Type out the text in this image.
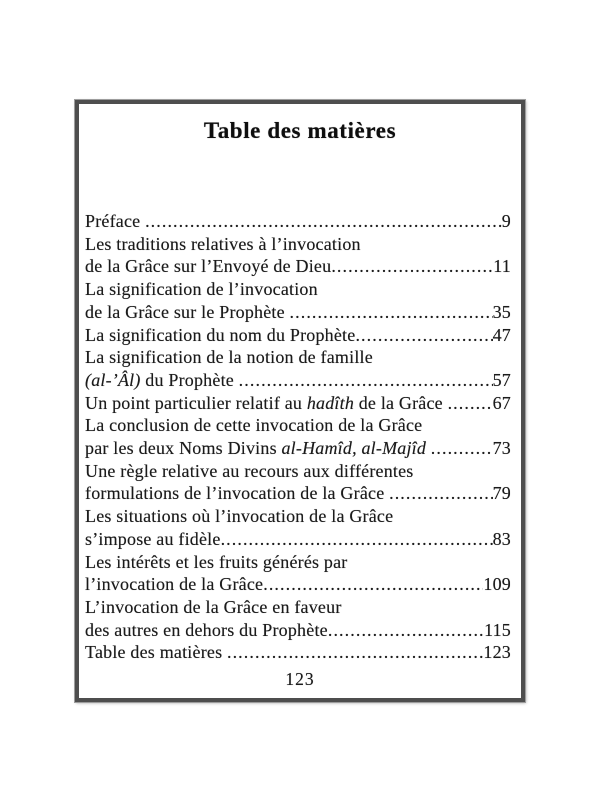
Table des matières
Préface .....	9
Les traditions relatives à l’invocation
de la Grâce sur l’Envoyé de Dieu .....	11
La signification de l’invocation
de la Grâce sur le Prophète .....	35
La signification du nom du Prophète .....	47
La signification de la notion de famille
(al-’Âl) du Prophète .....	57
Un point particulier relatif au hadîth de la Grâce .....	67
La conclusion de cette invocation de la Grâce
par les deux Noms Divins al-Hamîd, al-Majîd .....	73
Une règle relative au recours aux différentes
formulations de l’invocation de la Grâce .....	79
Les situations où l’invocation de la Grâce
s’impose au fidèle .....	83
Les intérêts et les fruits générés par
l’invocation de la Grâce .....	109
L’invocation de la Grâce en faveur
des autres en dehors du Prophète .....	115
Table des matières .....	123
123
